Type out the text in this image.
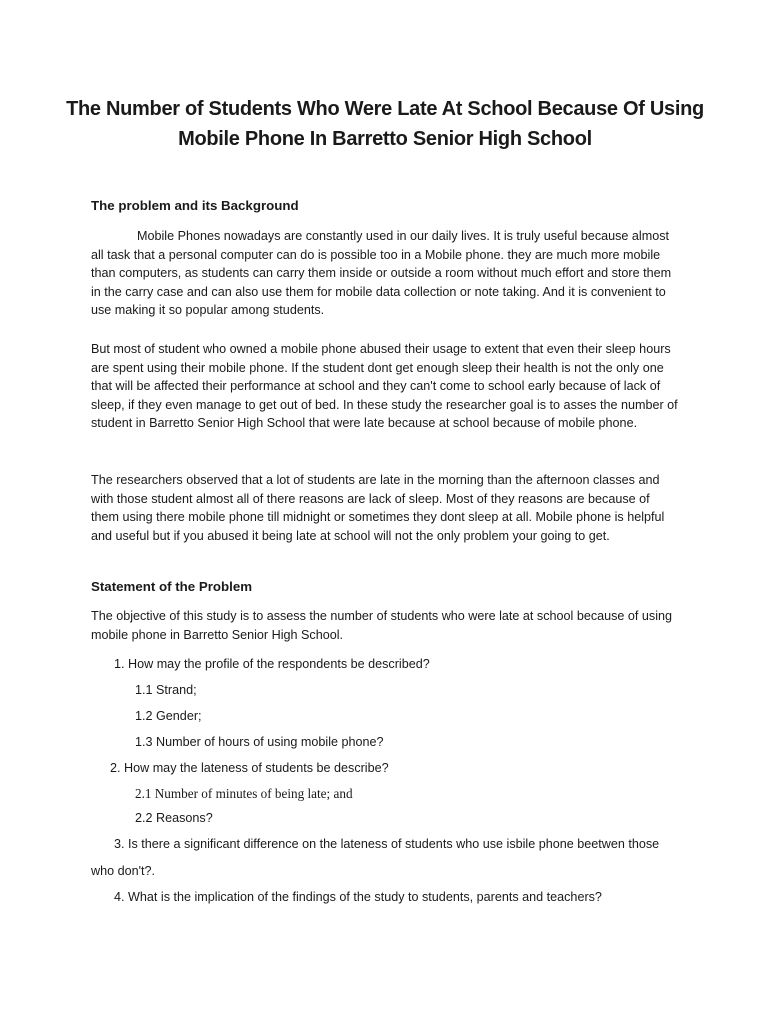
The Number of Students Who Were Late At School Because Of Using Mobile Phone In Barretto Senior High School
The problem and its Background
Mobile Phones nowadays are constantly used in our daily lives. It is truly useful because almost all task that a personal computer can do is possible too in a Mobile phone. they are much more mobile than computers, as students can carry them inside or outside a room without much effort and store them in the carry case and can also use them for mobile data collection or note taking. And it is convenient to use making it so popular among students.
But most of student who owned a mobile phone abused their usage to extent that even their sleep hours are spent using their mobile phone. If the student dont get enough sleep their health is not the only one that will be affected their performance at school and they can't come to school early because of lack of sleep, if they even manage to get out of bed. In these study the researcher goal is to asses the number of student in Barretto Senior High School that were late because at school because of mobile phone.
The researchers observed that a lot of students are late in the morning than the afternoon classes and with those student almost all of there reasons are lack of sleep. Most of they reasons are because of them using there mobile phone till midnight or sometimes they dont sleep at all. Mobile phone is helpful and useful but if you abused it being late at school will not the only problem your going to get.
Statement of the Problem
The objective of this study is to assess the number of students who were late at school because of using mobile phone in Barretto Senior High School.
1. How may the profile of the respondents be described?
1.1 Strand;
1.2 Gender;
1.3 Number of hours of using mobile phone?
2. How may the lateness of students be describe?
2.1 Number of minutes of being late; and
2.2 Reasons?
3. Is there a significant difference on the lateness of students who use isbile phone beetwen those
who don't?.
4. What is the implication of the findings of the study to students, parents and teachers?
